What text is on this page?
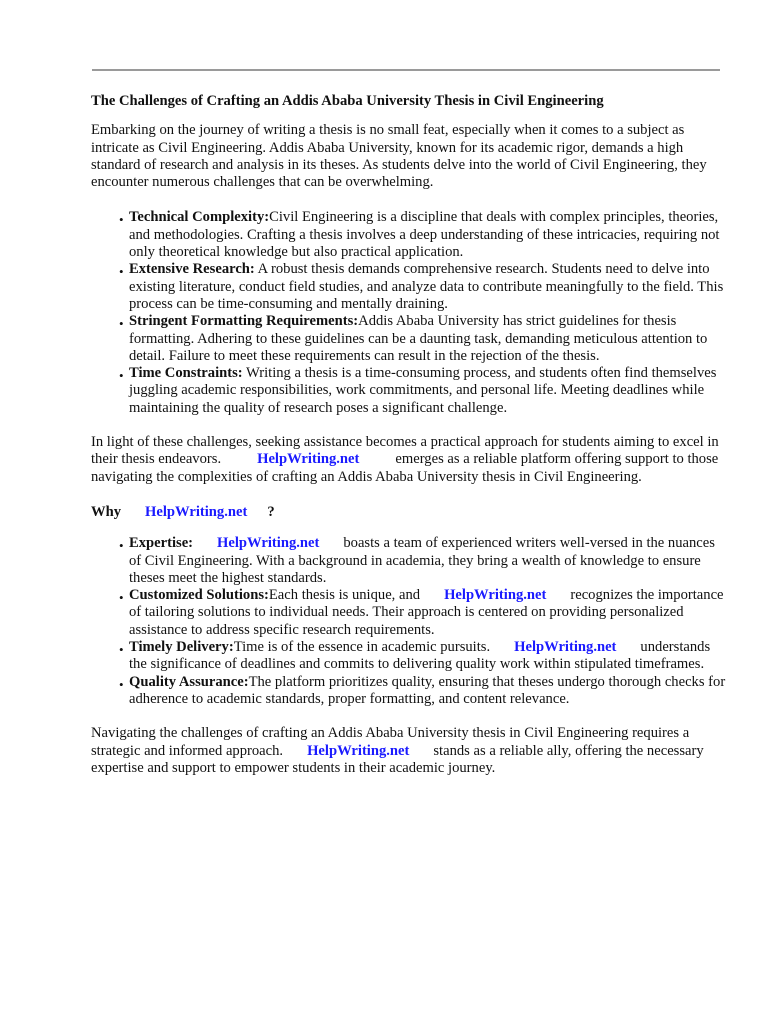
The Challenges of Crafting an Addis Ababa University Thesis in Civil Engineering

Embarking on the journey of writing a thesis is no small feat, especially when it comes to a subject as intricate as Civil Engineering. Addis Ababa University, known for its academic rigor, demands a high standard of research and analysis in its theses. As students delve into the world of Civil Engineering, they encounter numerous challenges that can be overwhelming.

• Technical Complexity:Civil Engineering is a discipline that deals with complex principles, theories, and methodologies. Crafting a thesis involves a deep understanding of these intricacies, requiring not only theoretical knowledge but also practical application.
• Extensive Research: A robust thesis demands comprehensive research. Students need to delve into existing literature, conduct field studies, and analyze data to contribute meaningfully to the field. This process can be time-consuming and mentally draining.
• Stringent Formatting Requirements:Addis Ababa University has strict guidelines for thesis formatting. Adhering to these guidelines can be a daunting task, demanding meticulous attention to detail. Failure to meet these requirements can result in the rejection of the thesis.
• Time Constraints: Writing a thesis is a time-consuming process, and students often find themselves juggling academic responsibilities, work commitments, and personal life. Meeting deadlines while maintaining the quality of research poses a significant challenge.

In light of these challenges, seeking assistance becomes a practical approach for students aiming to excel in their thesis endeavors. HelpWriting.net emerges as a reliable platform offering support to those navigating the complexities of crafting an Addis Ababa University thesis in Civil Engineering.

Why HelpWriting.net ?
• Expertise: HelpWriting.net boasts a team of experienced writers well-versed in the nuances of Civil Engineering. With a background in academia, they bring a wealth of knowledge to ensure theses meet the highest standards.
• Customized Solutions:Each thesis is unique, and HelpWriting.net recognizes the importance of tailoring solutions to individual needs. Their approach is centered on providing personalized assistance to address specific research requirements.
• Timely Delivery:Time is of the essence in academic pursuits. HelpWriting.net understands the significance of deadlines and commits to delivering quality work within stipulated timeframes.
• Quality Assurance:The platform prioritizes quality, ensuring that theses undergo thorough checks for adherence to academic standards, proper formatting, and content relevance.

Navigating the challenges of crafting an Addis Ababa University thesis in Civil Engineering requires a strategic and informed approach. HelpWriting.net stands as a reliable ally, offering the necessary expertise and support to empower students in their academic journey.
